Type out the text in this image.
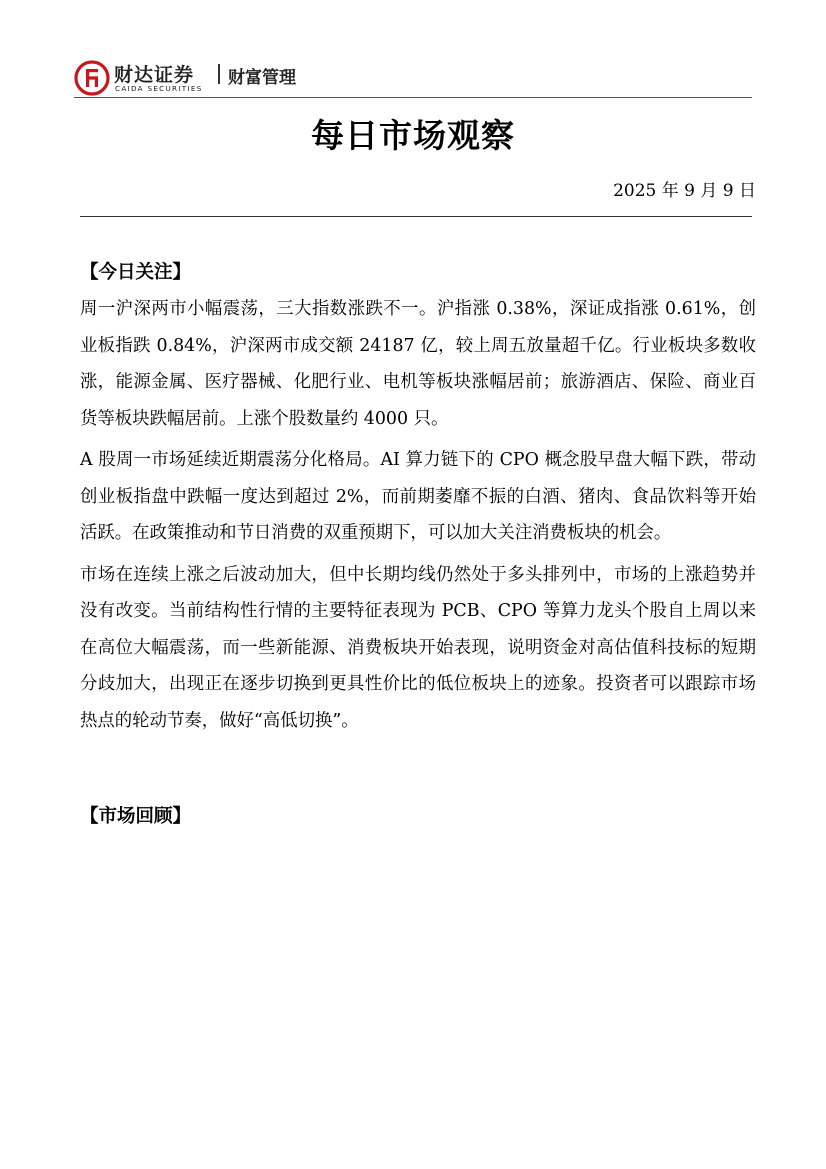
财达证券
CAIDA SECURITIES
财富管理
每日市场观察
2025 年 9 月 9 日
【今日关注】

周一沪深两市小幅震荡，三大指数涨跌不一。沪指涨 0.38%，深证成指涨 0.61%，创业板指跌 0.84%，沪深两市成交额 24187 亿，较上周五放量超千亿。行业板块多数收涨，能源金属、医疗器械、化肥行业、电机等板块涨幅居前；旅游酒店、保险、商业百货等板块跌幅居前。上涨个股数量约 4000 只。

A 股周一市场延续近期震荡分化格局。AI 算力链下的 CPO 概念股早盘大幅下跌，带动创业板指盘中跌幅一度达到超过 2%，而前期萎靡不振的白酒、猪肉、食品饮料等开始活跃。在政策推动和节日消费的双重预期下，可以加大关注消费板块的机会。

市场在连续上涨之后波动加大，但中长期均线仍然处于多头排列中，市场的上涨趋势并没有改变。当前结构性行情的主要特征表现为 PCB、CPO 等算力龙头个股自上周以来在高位大幅震荡，而一些新能源、消费板块开始表现，说明资金对高估值科技标的短期分歧加大，出现正在逐步切换到更具性价比的低位板块上的迹象。投资者可以跟踪市场热点的轮动节奏，做好“高低切换”。

【市场回顾】
